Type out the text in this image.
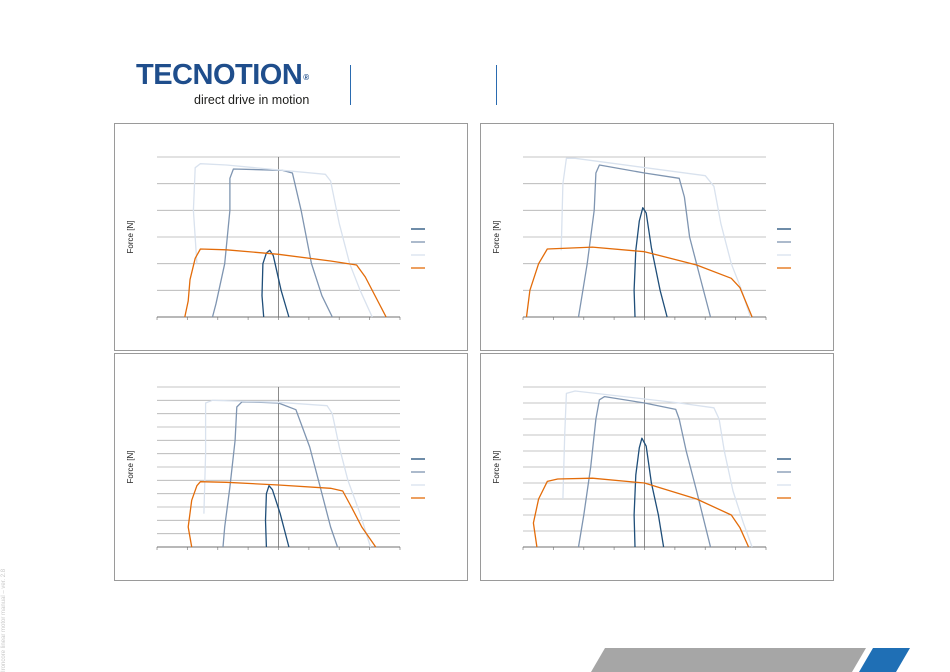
TECNOTION®
direct drive in motion
Force [N]	Force [N]
Force [N]	Force [N]
Ironcore linear motor manual – ver. 2.8
